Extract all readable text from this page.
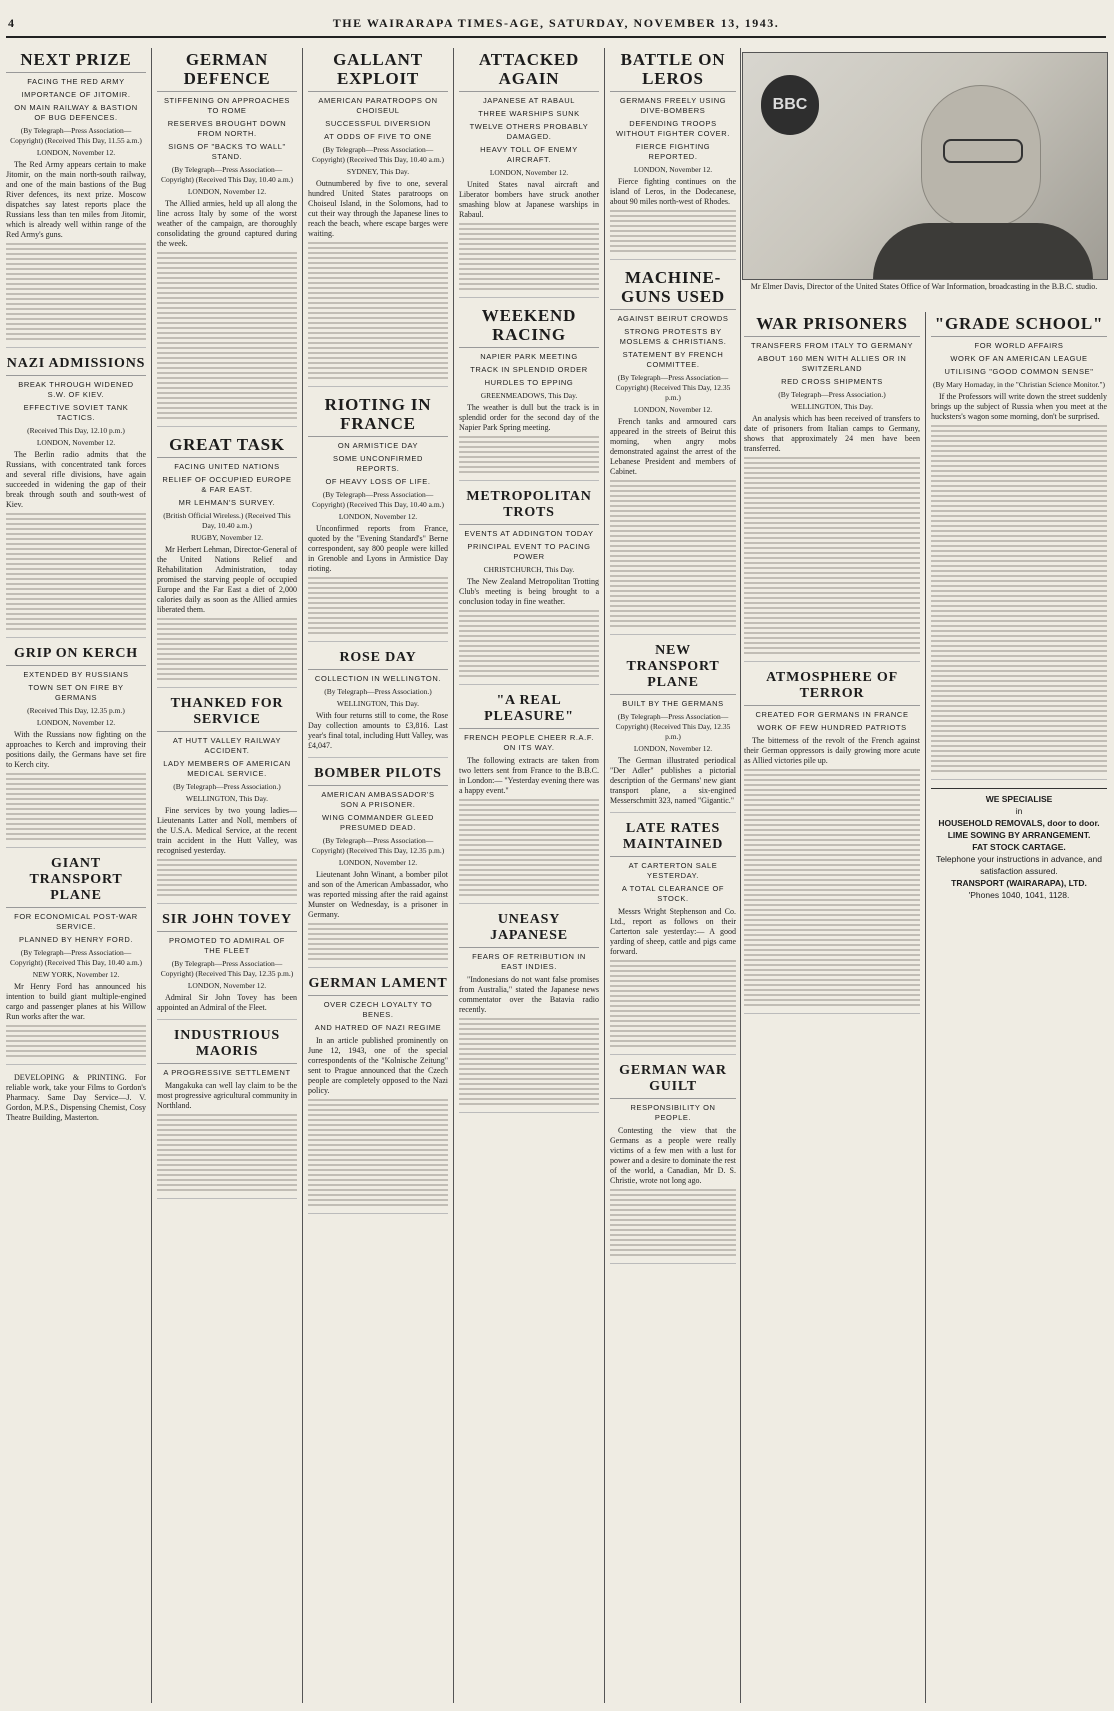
4	THE WAIRARAPA TIMES-AGE, SATURDAY, NOVEMBER 13, 1943.
NEXT PRIZE
FACING THE RED ARMY
IMPORTANCE OF JITOMIR.
ON MAIN RAILWAY & BASTION OF BUG DEFENCES.
(By Telegraph—Press Association—Copyright) (Received This Day, 11.55 a.m.)
LONDON, November 12.

The Red Army appears certain to make Jitomir, on the main north-south railway, and one of the main bastions of the Bug River defences, its next prize. Moscow dispatches say latest reports place the Russians less than ten miles from Jitomir, which is already well within range of the Red Army's guns.

NAZI ADMISSIONS
BREAK THROUGH WIDENED S.W. OF KIEV.
EFFECTIVE SOVIET TANK TACTICS.
(Received This Day, 12.10 p.m.)
LONDON, November 12.

The Berlin radio admits that the Russians, with concentrated tank forces and several rifle divisions, have again succeeded in widening the gap of their break through south and south-west of Kiev.

GRIP ON KERCH
EXTENDED BY RUSSIANS
TOWN SET ON FIRE BY GERMANS
(Received This Day, 12.35 p.m.)
LONDON, November 12.

With the Russians now fighting on the approaches to Kerch and improving their positions daily, the Germans have set fire to Kerch city.

GIANT TRANSPORT PLANE
FOR ECONOMICAL POST-WAR SERVICE.
PLANNED BY HENRY FORD.
(By Telegraph—Press Association—Copyright) (Received This Day, 10.40 a.m.)
NEW YORK, November 12.

Mr Henry Ford has announced his intention to build giant multiple-engined cargo and passenger planes at his Willow Run works after the war.

DEVELOPING & PRINTING. For reliable work, take your Films to Gordon's Pharmacy. Same Day Service—J. V. Gordon, M.P.S., Dispensing Chemist, Cosy Theatre Building, Masterton.

GERMAN DEFENCE
STIFFENING ON APPROACHES TO ROME
RESERVES BROUGHT DOWN FROM NORTH.
SIGNS OF "BACKS TO WALL" STAND.
(By Telegraph—Press Association—Copyright) (Received This Day, 10.40 a.m.)
LONDON, November 12.

The Allied armies, held up all along the line across Italy by some of the worst weather of the campaign, are thoroughly consolidating the ground captured during the week.

GREAT TASK
FACING UNITED NATIONS
RELIEF OF OCCUPIED EUROPE & FAR EAST.
MR LEHMAN'S SURVEY.
(British Official Wireless.) (Received This Day, 10.40 a.m.)
RUGBY, November 12.

Mr Herbert Lehman, Director-General of the United Nations Relief and Rehabilitation Administration, today promised the starving people of occupied Europe and the Far East a diet of 2,000 calories daily as soon as the Allied armies liberated them.

THANKED FOR SERVICE
AT HUTT VALLEY RAILWAY ACCIDENT.
LADY MEMBERS OF AMERICAN MEDICAL SERVICE.
(By Telegraph—Press Association.)
WELLINGTON, This Day.

Fine services by two young ladies—Lieutenants Latter and Noll, members of the U.S.A. Medical Service, at the recent train accident in the Hutt Valley, was recognised yesterday.

SIR JOHN TOVEY
PROMOTED TO ADMIRAL OF THE FLEET
(By Telegraph—Press Association—Copyright) (Received This Day, 12.35 p.m.)
LONDON, November 12.

Admiral Sir John Tovey has been appointed an Admiral of the Fleet.

INDUSTRIOUS MAORIS
A PROGRESSIVE SETTLEMENT

Mangakuka can well lay claim to be the most progressive agricultural community in Northland.

GALLANT EXPLOIT
AMERICAN PARATROOPS ON CHOISEUL
SUCCESSFUL DIVERSION
AT ODDS OF FIVE TO ONE
(By Telegraph—Press Association—Copyright) (Received This Day, 10.40 a.m.)
SYDNEY, This Day.

Outnumbered by five to one, several hundred United States paratroops on Choiseul Island, in the Solomons, had to cut their way through the Japanese lines to reach the beach, where escape barges were waiting.

RIOTING IN FRANCE
ON ARMISTICE DAY
SOME UNCONFIRMED REPORTS.
OF HEAVY LOSS OF LIFE.
(By Telegraph—Press Association—Copyright) (Received This Day, 10.40 a.m.)
LONDON, November 12.

Unconfirmed reports from France, quoted by the "Evening Standard's" Berne correspondent, say 800 people were killed in Grenoble and Lyons in Armistice Day rioting.

ROSE DAY
COLLECTION IN WELLINGTON.
(By Telegraph—Press Association.)
WELLINGTON, This Day.

With four returns still to come, the Rose Day collection amounts to £3,816. Last year's final total, including Hutt Valley, was £4,047.

BOMBER PILOTS
AMERICAN AMBASSADOR'S SON A PRISONER.
WING COMMANDER GLEED PRESUMED DEAD.
(By Telegraph—Press Association—Copyright) (Received This Day, 12.35 p.m.)
LONDON, November 12.

Lieutenant John Winant, a bomber pilot and son of the American Ambassador, who was reported missing after the raid against Munster on Wednesday, is a prisoner in Germany.

GERMAN LAMENT
OVER CZECH LOYALTY TO BENES.
AND HATRED OF NAZI REGIME

In an article published prominently on June 12, 1943, one of the special correspondents of the "Kolnische Zeitung" sent to Prague announced that the Czech people are completely opposed to the Nazi policy.

ATTACKED AGAIN
JAPANESE AT RABAUL
THREE WARSHIPS SUNK
TWELVE OTHERS PROBABLY DAMAGED.
HEAVY TOLL OF ENEMY AIRCRAFT.
LONDON, November 12.

United States naval aircraft and Liberator bombers have struck another smashing blow at Japanese warships in Rabaul.

WEEKEND RACING
NAPIER PARK MEETING
TRACK IN SPLENDID ORDER
HURDLES TO EPPING
GREENMEADOWS, This Day.

The weather is dull but the track is in splendid order for the second day of the Napier Park Spring meeting.

METROPOLITAN TROTS
EVENTS AT ADDINGTON TODAY
PRINCIPAL EVENT TO PACING POWER
CHRISTCHURCH, This Day.

The New Zealand Metropolitan Trotting Club's meeting is being brought to a conclusion today in fine weather.

"A REAL PLEASURE"
FRENCH PEOPLE CHEER R.A.F. ON ITS WAY.

The following extracts are taken from two letters sent from France to the B.B.C. in London:— "Yesterday evening there was a happy event."

UNEASY JAPANESE
FEARS OF RETRIBUTION IN EAST INDIES.

"Indonesians do not want false promises from Australia," stated the Japanese news commentator over the Batavia radio recently.

BATTLE ON LEROS
GERMANS FREELY USING DIVE-BOMBERS
DEFENDING TROOPS WITHOUT FIGHTER COVER.
FIERCE FIGHTING REPORTED.
LONDON, November 12.

Fierce fighting continues on the island of Leros, in the Dodecanese, about 90 miles north-west of Rhodes.

MACHINE-GUNS USED
AGAINST BEIRUT CROWDS
STRONG PROTESTS BY MOSLEMS & CHRISTIANS.
STATEMENT BY FRENCH COMMITTEE.
(By Telegraph—Press Association—Copyright) (Received This Day, 12.35 p.m.)
LONDON, November 12.

French tanks and armoured cars appeared in the streets of Beirut this morning, when angry mobs demonstrated against the arrest of the Lebanese President and members of Cabinet.

NEW TRANSPORT PLANE
BUILT BY THE GERMANS
(By Telegraph—Press Association—Copyright) (Received This Day, 12.35 p.m.)
LONDON, November 12.

The German illustrated periodical "Der Adler" publishes a pictorial description of the Germans' new giant transport plane, a six-engined Messerschmitt 323, named "Gigantic."

LATE RATES MAINTAINED
AT CARTERTON SALE YESTERDAY.
A TOTAL CLEARANCE OF STOCK.

Messrs Wright Stephenson and Co. Ltd., report as follows on their Carterton sale yesterday:— A good yarding of sheep, cattle and pigs came forward.

GERMAN WAR GUILT
RESPONSIBILITY ON PEOPLE.

Contesting the view that the Germans as a people were really victims of a few men with a lust for power and a desire to dominate the rest of the world, a Canadian, Mr D. S. Christie, wrote not long ago.

BBC
Mr Elmer Davis, Director of the United States Office of War Information, broadcasting in the B.B.C. studio.
WAR PRISONERS
TRANSFERS FROM ITALY TO GERMANY
ABOUT 160 MEN WITH ALLIES OR IN SWITZERLAND
RED CROSS SHIPMENTS
(By Telegraph—Press Association.)
WELLINGTON, This Day.

An analysis which has been received of transfers to date of prisoners from Italian camps to Germany, shows that approximately 24 men have been transferred.

ATMOSPHERE OF TERROR
CREATED FOR GERMANS IN FRANCE
WORK OF FEW HUNDRED PATRIOTS

The bitterness of the revolt of the French against their German oppressors is daily growing more acute as Allied victories pile up.

"GRADE SCHOOL"
FOR WORLD AFFAIRS
WORK OF AN AMERICAN LEAGUE
UTILISING "GOOD COMMON SENSE"
(By Mary Hornaday, in the "Christian Science Monitor.")

If the Professors will write down the street suddenly brings up the subject of Russia when you meet at the hucksters's wagon some morning, don't be surprised.

WE SPECIALISE
in
HOUSEHOLD REMOVALS, door to door.
LIME SOWING BY ARRANGEMENT.
FAT STOCK CARTAGE.
Telephone your instructions in advance, and satisfaction assured.
TRANSPORT (WAIRARAPA), LTD.
'Phones 1040, 1041, 1128.
